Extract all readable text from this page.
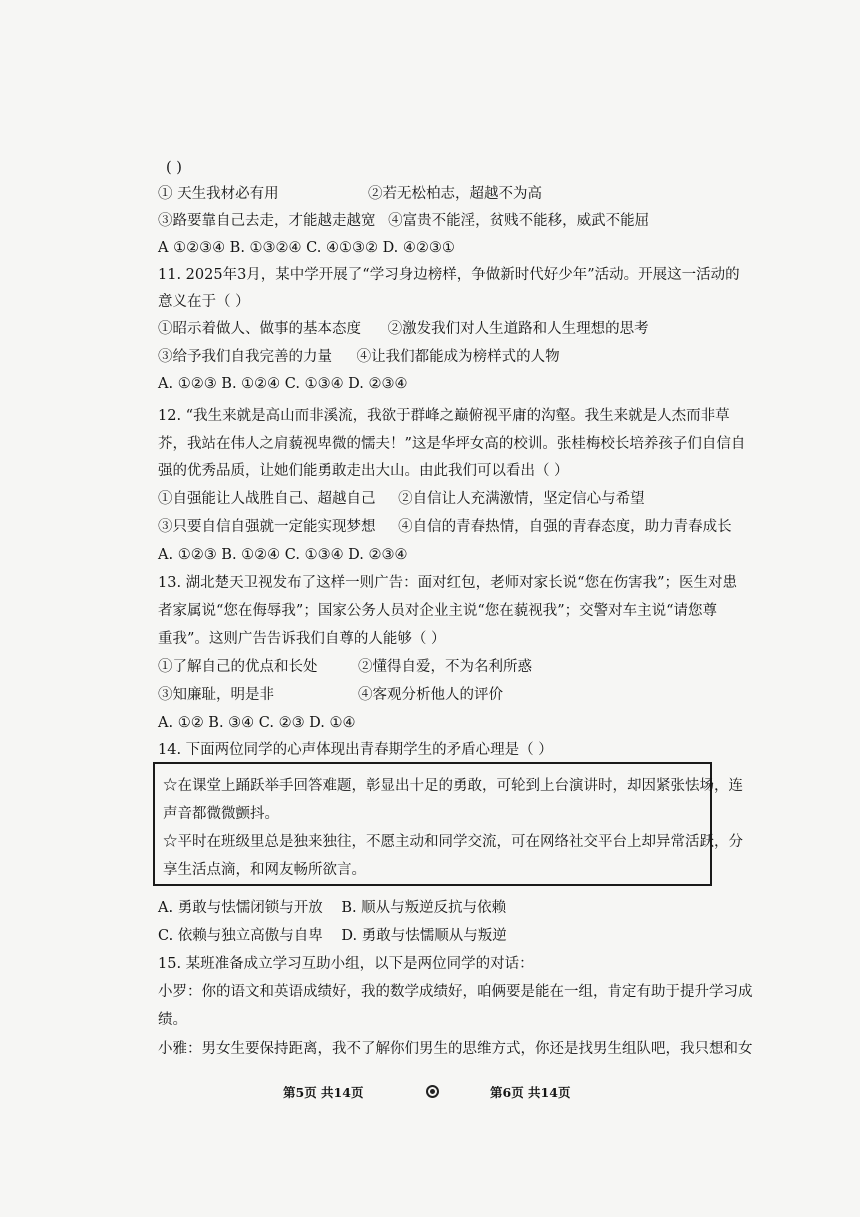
( )
① 天生我材必有用	②若无松柏志，超越不为高
③路要靠自己去走，才能越走越宽 ④富贵不能淫，贫贱不能移，威武不能屈
A ①②③④ B. ①③②④ C. ④①③② D. ④②③①
11. 2025年3月，某中学开展了“学习身边榜样，争做新时代好少年”活动。开展这一活动的
意义在于（ ）
①昭示着做人、做事的基本态度 ②激发我们对人生道路和人生理想的思考
③给予我们自我完善的力量 ④让我们都能成为榜样式的人物
A. ①②③ B. ①②④ C. ①③④ D. ②③④
12. “我生来就是高山而非溪流，我欲于群峰之巅俯视平庸的沟壑。我生来就是人杰而非草
芥，我站在伟人之肩藐视卑微的懦夫！”这是华坪女高的校训。张桂梅校长培养孩子们自信自
强的优秀品质，让她们能勇敢走出大山。由此我们可以看出（ ）
①自强能让人战胜自己、超越自己 ②自信让人充满激情，坚定信心与希望
③只要自信自强就一定能实现梦想 ④自信的青春热情，自强的青春态度，助力青春成长
A. ①②③ B. ①②④ C. ①③④ D. ②③④
13. 湖北楚天卫视发布了这样一则广告：面对红包，老师对家长说“您在伤害我”；医生对患
者家属说“您在侮辱我”；国家公务人员对企业主说“您在藐视我”；交警对车主说“请您尊
重我”。这则广告告诉我们自尊的人能够（ ）
①了解自己的优点和长处	②懂得自爱，不为名利所惑
③知廉耻，明是非	④客观分析他人的评价
A. ①② B. ③④ C. ②③ D. ①④
14. 下面两位同学的心声体现出青春期学生的矛盾心理是（ ）
☆在课堂上踊跃举手回答难题，彰显出十足的勇敢，可轮到上台演讲时，却因紧张怯场，连
声音都微微颤抖。
☆平时在班级里总是独来独往，不愿主动和同学交流，可在网络社交平台上却异常活跃，分
享生活点滴，和网友畅所欲言。
A. 勇敢与怯懦闭锁与开放 B. 顺从与叛逆反抗与依赖
C. 依赖与独立高傲与自卑 D. 勇敢与怯懦顺从与叛逆
15. 某班准备成立学习互助小组，以下是两位同学的对话：
小罗：你的语文和英语成绩好，我的数学成绩好，咱俩要是能在一组，肯定有助于提升学习成
绩。
小雅：男女生要保持距离，我不了解你们男生的思维方式，你还是找男生组队吧，我只想和女
第5页 共14页	第6页 共14页
